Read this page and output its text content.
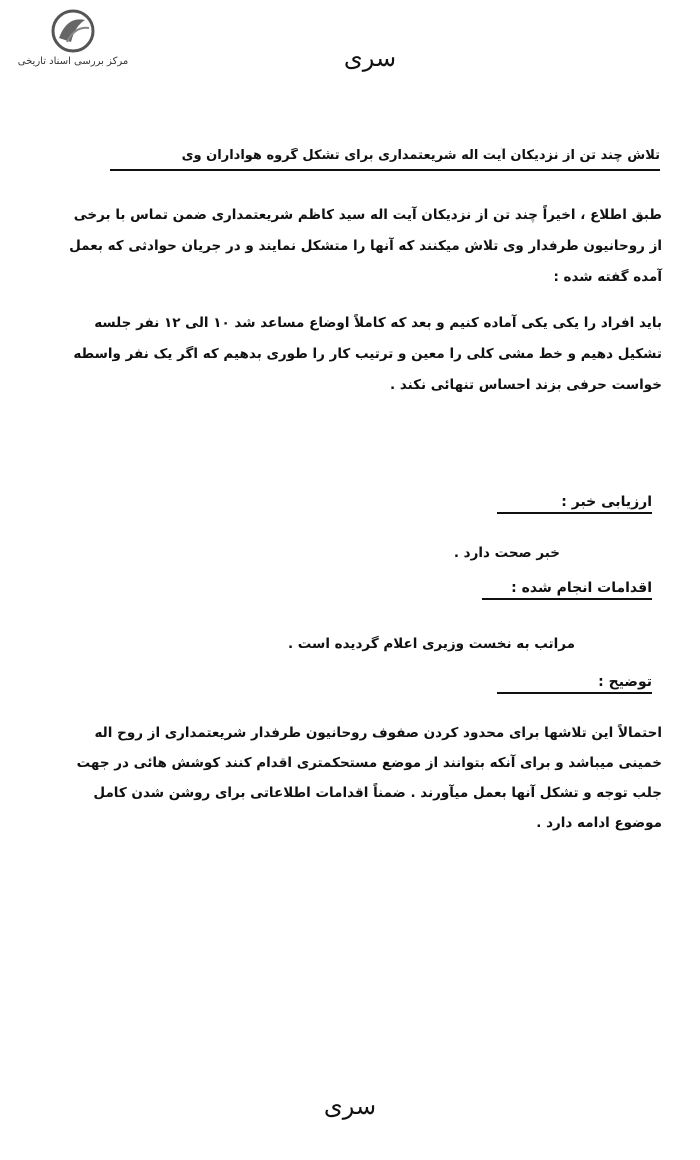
مرکز بررسی اسناد تاریخی	سری
تلاش چند تن از نزدیکان آیت اله شریعتمداری برای تشکل گروه هواداران وی

طبق اطلاع ، اخیراً چند تن از نزدیکان آیت اله سید کاظم شریعتمداری ضمن تماس با برخی از روحانیون طرفدار وی تلاش میکنند که آنها را متشکل نمایند و در جریان حوادثی که بعمل آمده گفته شده :

باید افراد را یکی یکی آماده کنیم و بعد که کاملاً اوضاع مساعد شد ۱۰ الی ۱۲ نفر جلسه تشکیل دهیم و خط مشی کلی را معین و ترتیب کار را طوری بدهیم که اگر یک نفر واسطه خواست حرفی بزند احساس تنهائی نکند .

ارزیابی خبر :
خبر صحت دارد .
اقدامات انجام شده :
مراتب به نخست وزیری اعلام گردیده است .
توضیح :

احتمالاً این تلاشها برای محدود کردن صفوف روحانیون طرفدار شریعتمداری از روح اله خمینی میباشد و برای آنکه بتوانند از موضع مستحکمتری اقدام کنند کوشش هائی در جهت جلب توجه و تشکل آنها بعمل میآورند . ضمناً اقدامات اطلاعاتی برای روشن شدن کامل موضوع ادامه دارد .

سری
